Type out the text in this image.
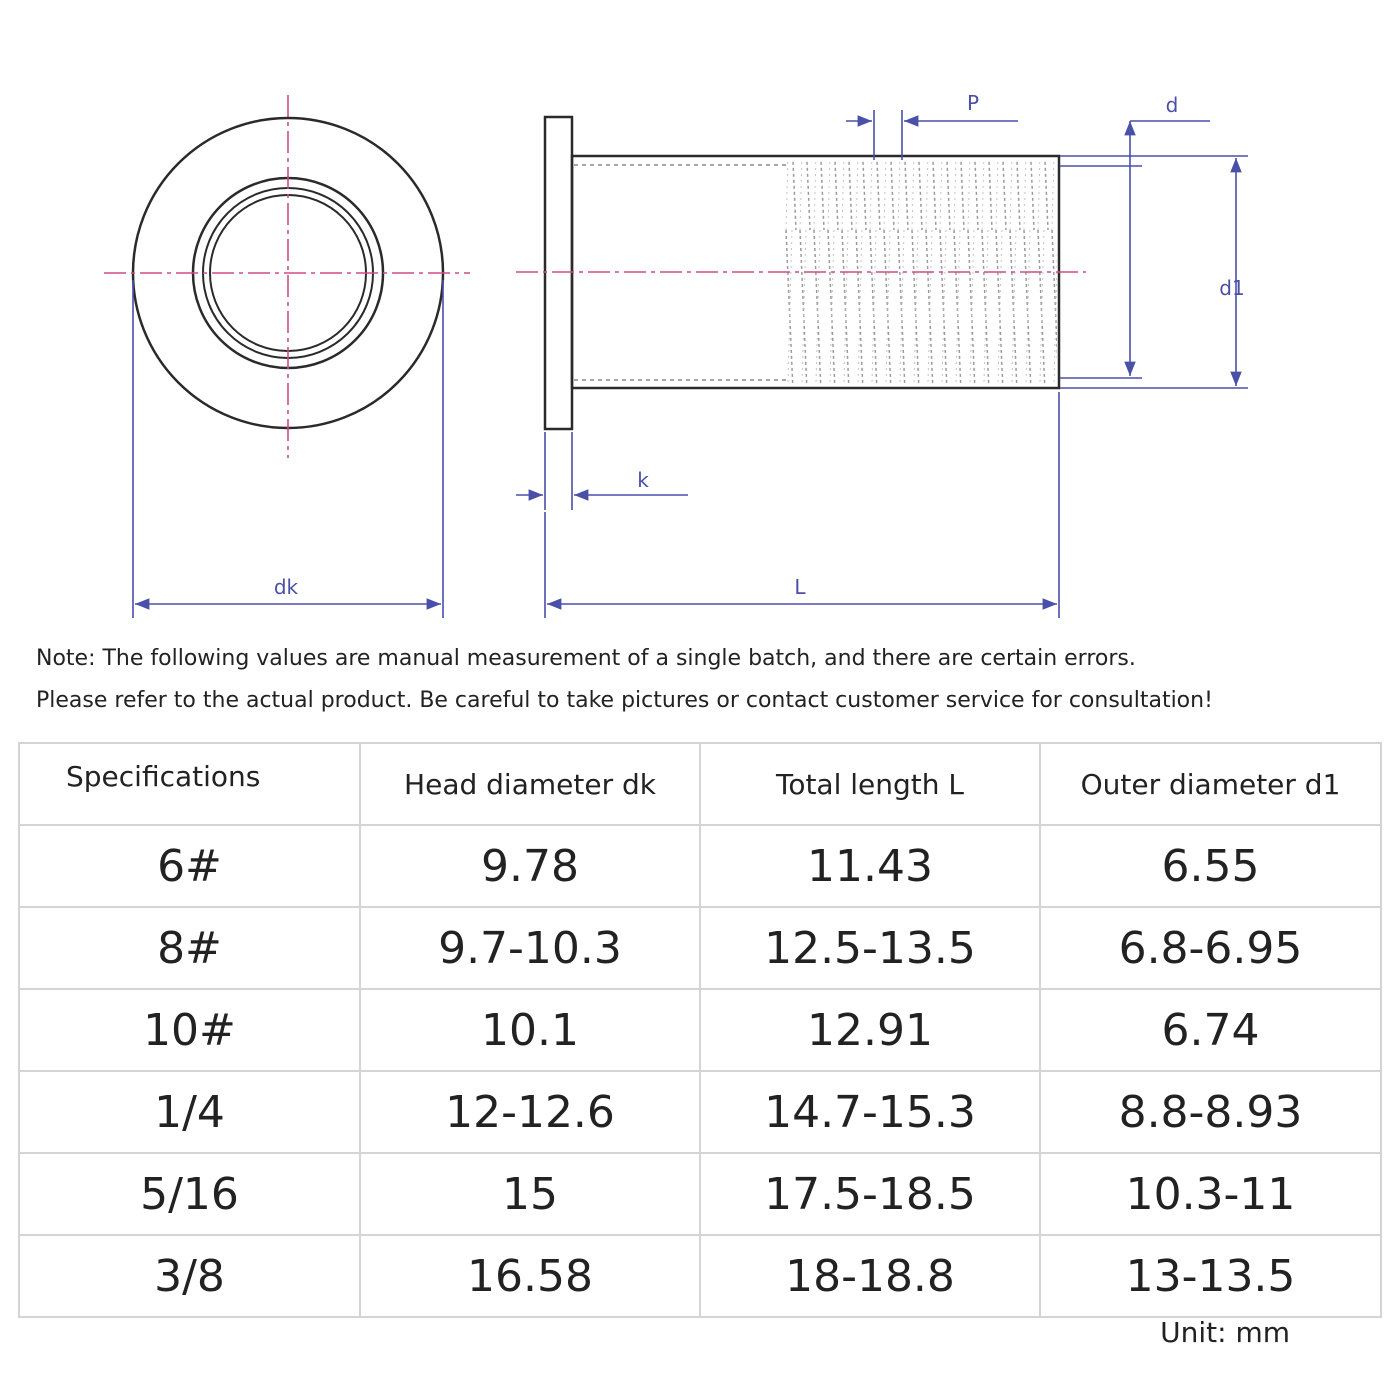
dk
P	d
d1
k
L
Note: The following values are manual measurement of a single batch, and there are certain errors.
Please refer to the actual product. Be careful to take pictures or contact customer service for consultation!
Specifications	Head diameter dk	Total length L	Outer diameter d1
6#	9.78	11.43	6.55
8#	9.7-10.3	12.5-13.5	6.8-6.95
10#	10.1	12.91	6.74
1/4	12-12.6	14.7-15.3	8.8-8.93
5/16	15	17.5-18.5	10.3-11
3/8	16.58	18-18.8	13-13.5
Unit: mm
